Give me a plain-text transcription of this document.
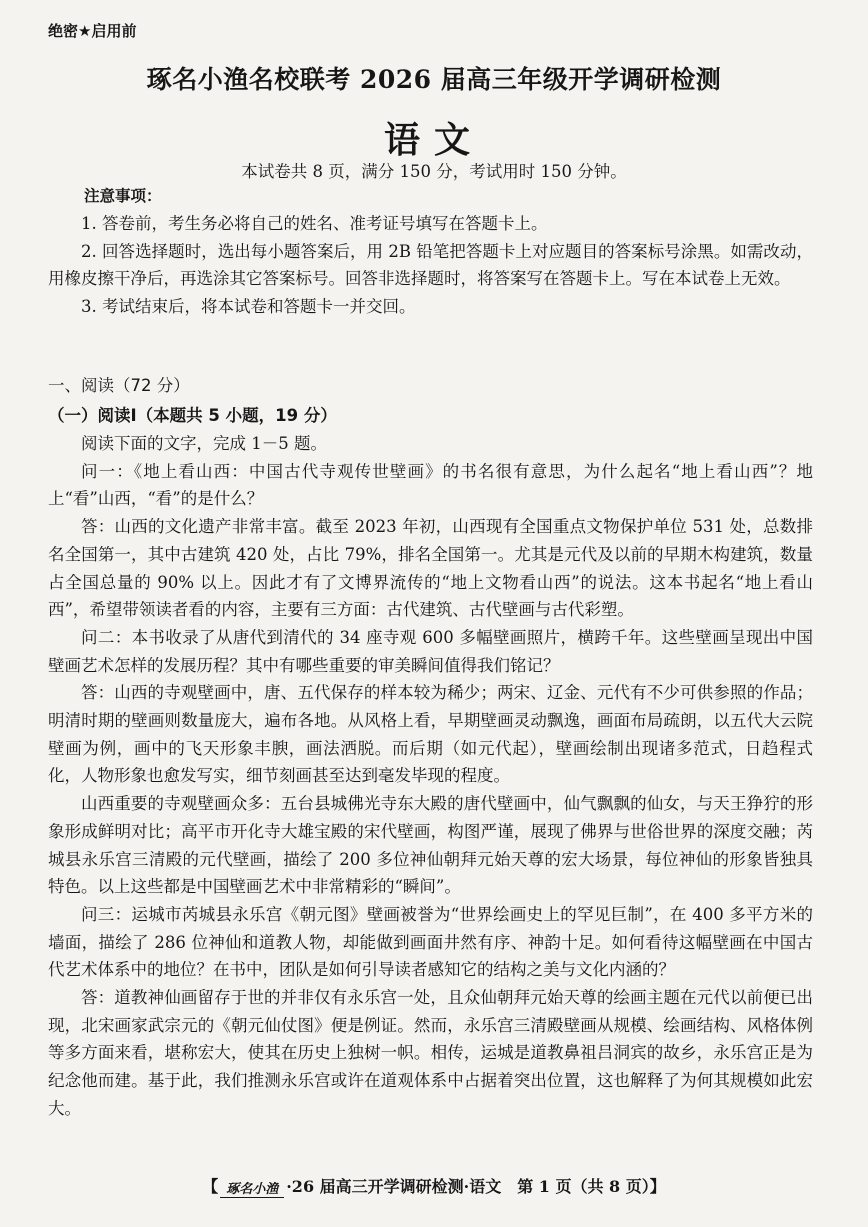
绝密★启用前
琢名小渔名校联考 2026 届高三年级开学调研检测
语文
本试卷共 8 页，满分 150 分，考试用时 150 分钟。
注意事项：

1. 答卷前，考生务必将自己的姓名、准考证号填写在答题卡上。

2. 回答选择题时，选出每小题答案后，用 2B 铅笔把答题卡上对应题目的答案标号涂黑。如需改动，用橡皮擦干净后，再选涂其它答案标号。回答非选择题时，将答案写在答题卡上。写在本试卷上无效。

3. 考试结束后，将本试卷和答题卡一并交回。

一、阅读（72 分）
（一）阅读Ⅰ（本题共 5 小题，19 分）

阅读下面的文字，完成 1－5 题。

问一：《地上看山西：中国古代寺观传世壁画》的书名很有意思，为什么起名“地上看山西”？地上“看”山西，“看”的是什么？

答：山西的文化遗产非常丰富。截至 2023 年初，山西现有全国重点文物保护单位 531 处，总数排名全国第一，其中古建筑 420 处，占比 79%，排名全国第一。尤其是元代及以前的早期木构建筑，数量占全国总量的 90% 以上。因此才有了文博界流传的“地上文物看山西”的说法。这本书起名“地上看山西”，希望带领读者看的内容，主要有三方面：古代建筑、古代壁画与古代彩塑。

问二：本书收录了从唐代到清代的 34 座寺观 600 多幅壁画照片，横跨千年。这些壁画呈现出中国壁画艺术怎样的发展历程？其中有哪些重要的审美瞬间值得我们铭记？

答：山西的寺观壁画中，唐、五代保存的样本较为稀少；两宋、辽金、元代有不少可供参照的作品；明清时期的壁画则数量庞大，遍布各地。从风格上看，早期壁画灵动飘逸，画面布局疏朗，以五代大云院壁画为例，画中的飞天形象丰腴，画法洒脱。而后期（如元代起），壁画绘制出现诸多范式，日趋程式化，人物形象也愈发写实，细节刻画甚至达到毫发毕现的程度。

山西重要的寺观壁画众多：五台县城佛光寺东大殿的唐代壁画中，仙气飘飘的仙女，与天王狰狞的形象形成鲜明对比；高平市开化寺大雄宝殿的宋代壁画，构图严谨，展现了佛界与世俗世界的深度交融；芮城县永乐宫三清殿的元代壁画，描绘了 200 多位神仙朝拜元始天尊的宏大场景，每位神仙的形象皆独具特色。以上这些都是中国壁画艺术中非常精彩的“瞬间”。

问三：运城市芮城县永乐宫《朝元图》壁画被誉为“世界绘画史上的罕见巨制”，在 400 多平方米的墙面，描绘了 286 位神仙和道教人物，却能做到画面井然有序、神韵十足。如何看待这幅壁画在中国古代艺术体系中的地位？在书中，团队是如何引导读者感知它的结构之美与文化内涵的？

答：道教神仙画留存于世的并非仅有永乐宫一处，且众仙朝拜元始天尊的绘画主题在元代以前便已出现，北宋画家武宗元的《朝元仙仗图》便是例证。然而，永乐宫三清殿壁画从规模、绘画结构、风格体例等多方面来看，堪称宏大，使其在历史上独树一帜。相传，运城是道教鼻祖吕洞宾的故乡，永乐宫正是为纪念他而建。基于此，我们推测永乐宫或许在道观体系中占据着突出位置，这也解释了为何其规模如此宏大。

【 琢名小渔 ·26 届高三开学调研检测·语文　第 1 页（共 8 页）】
